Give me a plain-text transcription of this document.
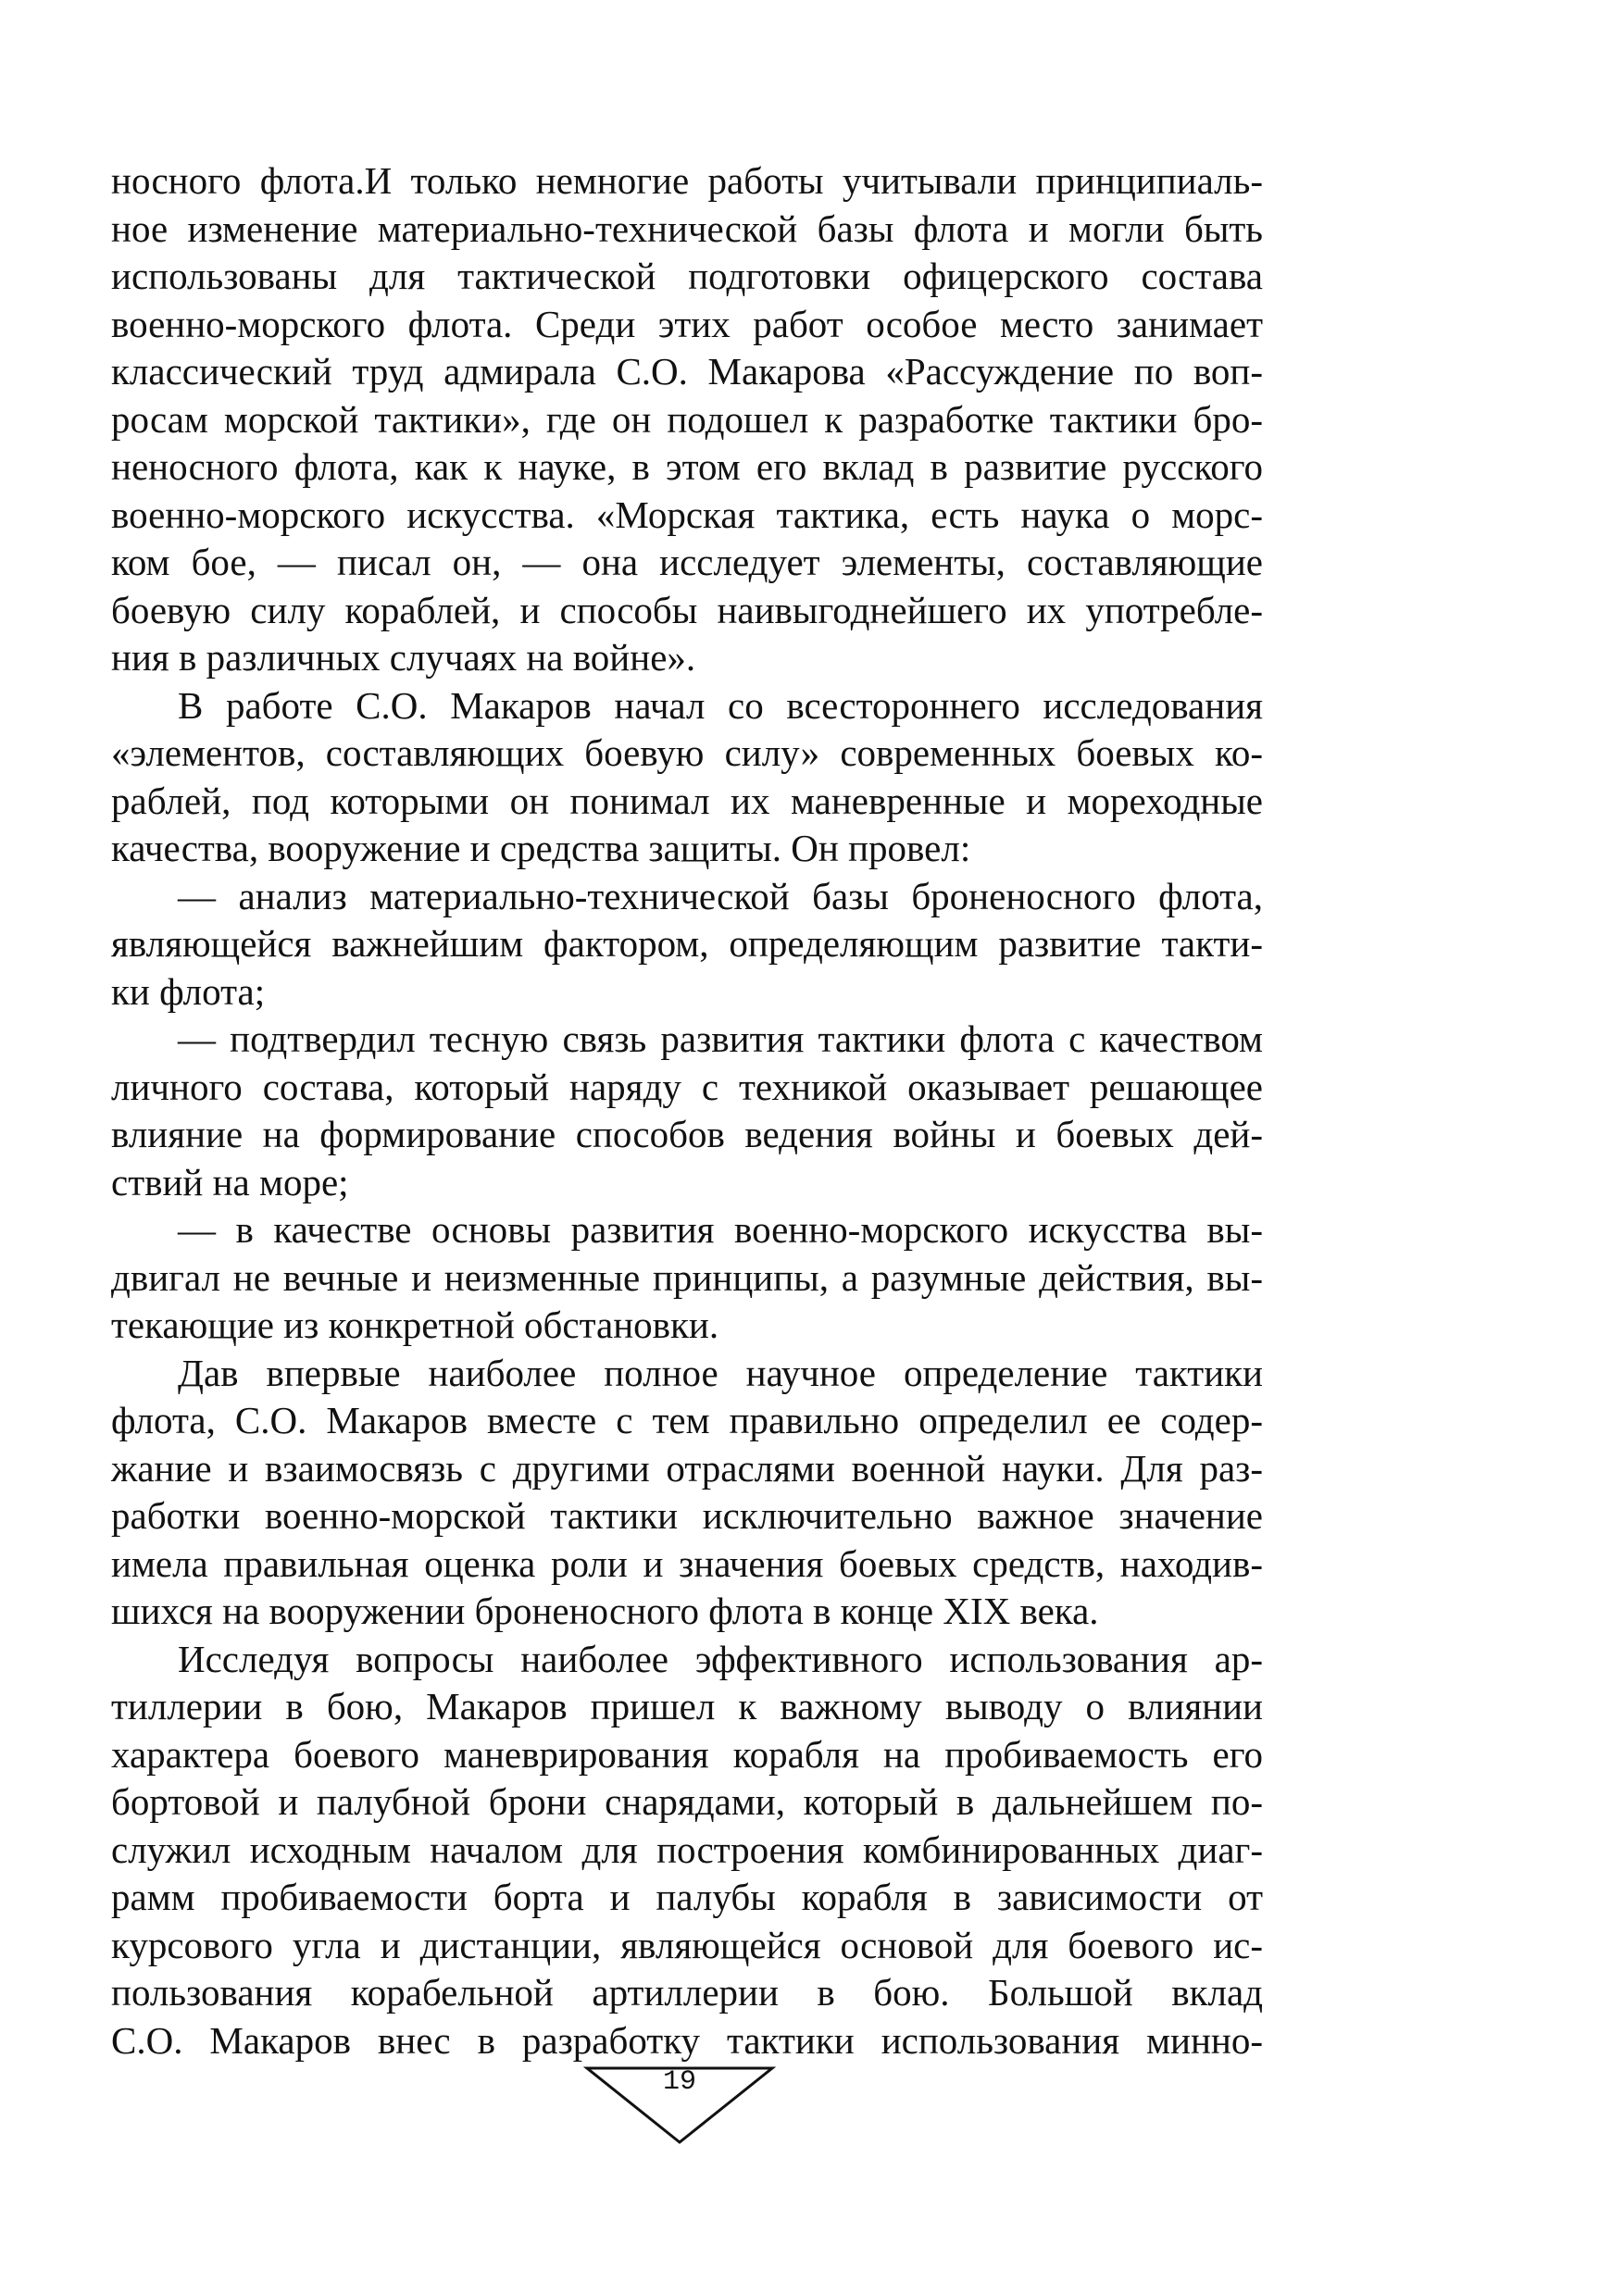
носного флота.И только немногие работы учитывали принципиаль-
ное изменение материально-технической базы флота и могли быть
использованы для тактической подготовки офицерского состава
военно-морского флота. Среди этих работ особое место занимает
классический труд адмирала С.О. Макарова «Рассуждение по воп-
росам морской тактики», где он подошел к разработке тактики бро-
неносного флота, как к науке, в этом его вклад в развитие русского
военно-морского искусства. «Морская тактика, есть наука о морс-
ком бое, — писал он, — она исследует элементы, составляющие
боевую силу кораблей, и способы наивыгоднейшего их употребле-
ния в различных случаях на войне».
В работе С.О. Макаров начал со всестороннего исследования
«элементов, составляющих боевую силу» современных боевых ко-
раблей, под которыми он понимал их маневренные и мореходные
качества, вооружение и средства защиты. Он провел:
— анализ материально-технической базы броненосного флота,
являющейся важнейшим фактором, определяющим развитие такти-
ки флота;
— подтвердил тесную связь развития тактики флота с качеством
личного состава, который наряду с техникой оказывает решающее
влияние на формирование способов ведения войны и боевых дей-
ствий на море;
— в качестве основы развития военно-морского искусства вы-
двигал не вечные и неизменные принципы, а разумные действия, вы-
текающие из конкретной обстановки.
Дав впервые наиболее полное научное определение тактики
флота, С.О. Макаров вместе с тем правильно определил ее содер-
жание и взаимосвязь с другими отраслями военной науки. Для раз-
работки военно-морской тактики исключительно важное значение
имела правильная оценка роли и значения боевых средств, находив-
шихся на вооружении броненосного флота в конце XIX века.
Исследуя вопросы наиболее эффективного использования ар-
тиллерии в бою, Макаров пришел к важному выводу о влиянии
характера боевого маневрирования корабля на пробиваемость его
бортовой и палубной брони снарядами, который в дальнейшем по-
служил исходным началом для построения комбинированных диаг-
рамм пробиваемости борта и палубы корабля в зависимости от
курсового угла и дистанции, являющейся основой для боевого ис-
пользования корабельной артиллерии в бою. Большой вклад
С.О. Макаров внес в разработку тактики использования минно-
19
